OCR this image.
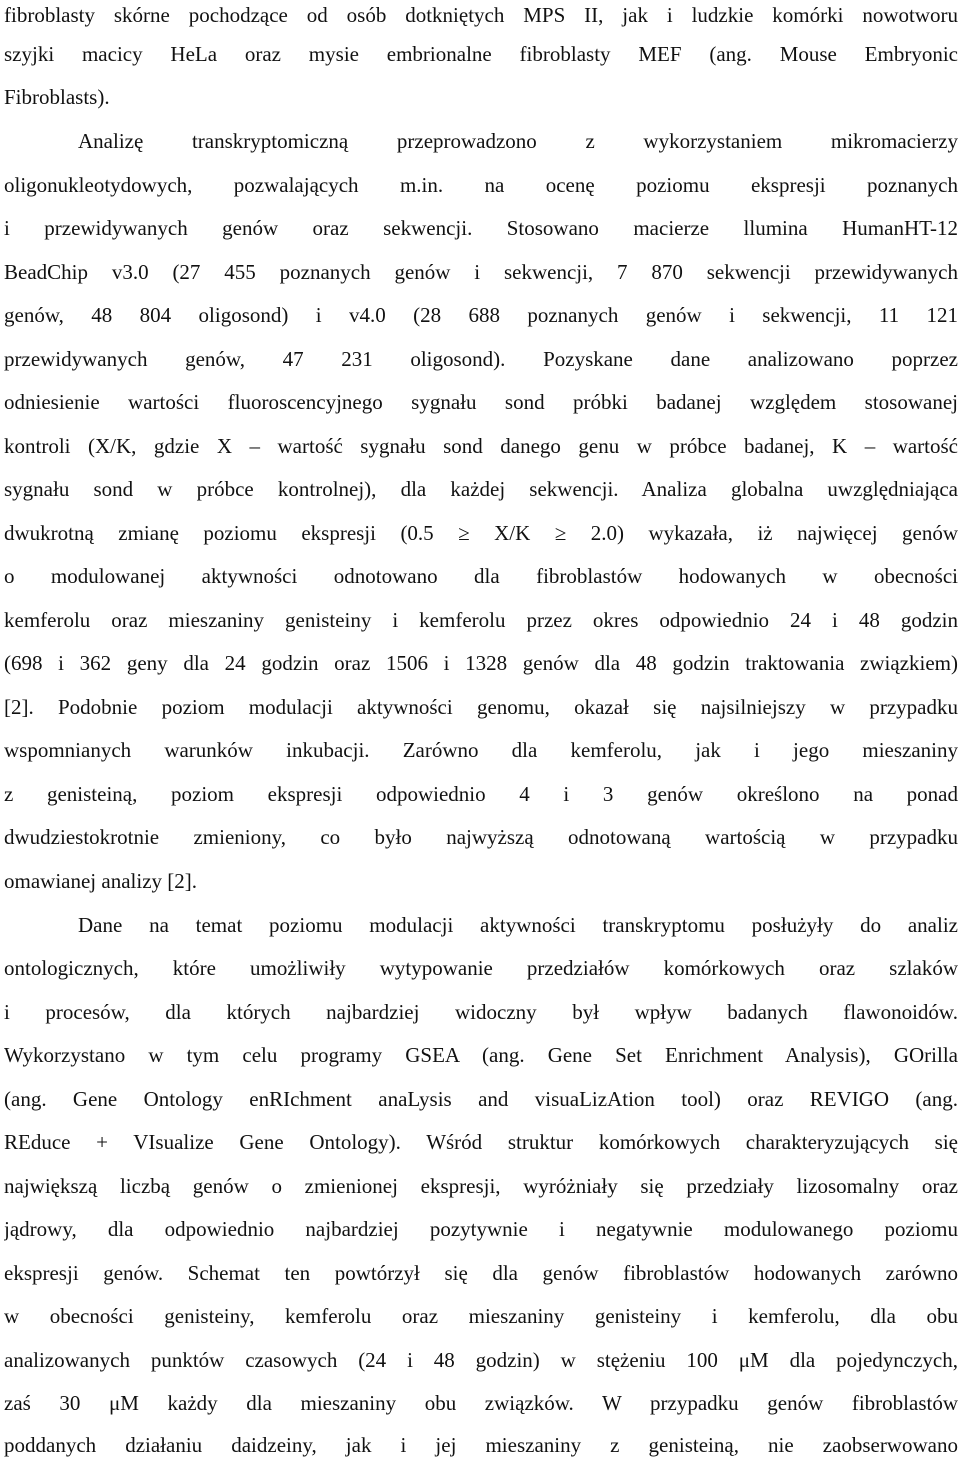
fibroblasty skórne pochodzące od osób dotkniętych MPS II, jak i ludzkie komórki nowotworu
szyjki macicy HeLa oraz mysie embrionalne fibroblasty MEF (ang. Mouse Embryonic
Fibroblasts).
Analizę transkryptomiczną przeprowadzono z wykorzystaniem mikromacierzy
oligonukleotydowych, pozwalających m.in. na ocenę poziomu ekspresji poznanych
i przewidywanych genów oraz sekwencji. Stosowano macierze llumina HumanHT-12
BeadChip v3.0 (27 455 poznanych genów i sekwencji, 7 870 sekwencji przewidywanych
genów, 48 804 oligosond) i v4.0 (28 688 poznanych genów i sekwencji, 11 121
przewidywanych genów, 47 231 oligosond). Pozyskane dane analizowano poprzez
odniesienie wartości fluoroscencyjnego sygnału sond próbki badanej względem stosowanej
kontroli (X/K, gdzie X – wartość sygnału sond danego genu w próbce badanej, K – wartość
sygnału sond w próbce kontrolnej), dla każdej sekwencji. Analiza globalna uwzględniająca
dwukrotną zmianę poziomu ekspresji (0.5 ≥ X/K ≥ 2.0) wykazała, iż najwięcej genów
o modulowanej aktywności odnotowano dla fibroblastów hodowanych w obecności
kemferolu oraz mieszaniny genisteiny i kemferolu przez okres odpowiednio 24 i 48 godzin
(698 i 362 geny dla 24 godzin oraz 1506 i 1328 genów dla 48 godzin traktowania związkiem)
[2]. Podobnie poziom modulacji aktywności genomu, okazał się najsilniejszy w przypadku
wspomnianych warunków inkubacji. Zarówno dla kemferolu, jak i jego mieszaniny
z genisteiną, poziom ekspresji odpowiednio 4 i 3 genów określono na ponad
dwudziestokrotnie zmieniony, co było najwyższą odnotowaną wartością w przypadku
omawianej analizy [2].
Dane na temat poziomu modulacji aktywności transkryptomu posłużyły do analiz
ontologicznych, które umożliwiły wytypowanie przedziałów komórkowych oraz szlaków
i procesów, dla których najbardziej widoczny był wpływ badanych flawonoidów.
Wykorzystano w tym celu programy GSEA (ang. Gene Set Enrichment Analysis), GOrilla
(ang. Gene Ontology enRIchment anaLysis and visuaLizAtion tool) oraz REVIGO (ang.
REduce + VIsualize Gene Ontology). Wśród struktur komórkowych charakteryzujących się
największą liczbą genów o zmienionej ekspresji, wyróżniały się przedziały lizosomalny oraz
jądrowy, dla odpowiednio najbardziej pozytywnie i negatywnie modulowanego poziomu
ekspresji genów. Schemat ten powtórzył się dla genów fibroblastów hodowanych zarówno
w obecności genisteiny, kemferolu oraz mieszaniny genisteiny i kemferolu, dla obu
analizowanych punktów czasowych (24 i 48 godzin) w stężeniu 100 μM dla pojedynczych,
zaś 30 μM każdy dla mieszaniny obu związków. W przypadku genów fibroblastów
poddanych działaniu daidzeiny, jak i jej mieszaniny z genisteiną, nie zaobserwowano
